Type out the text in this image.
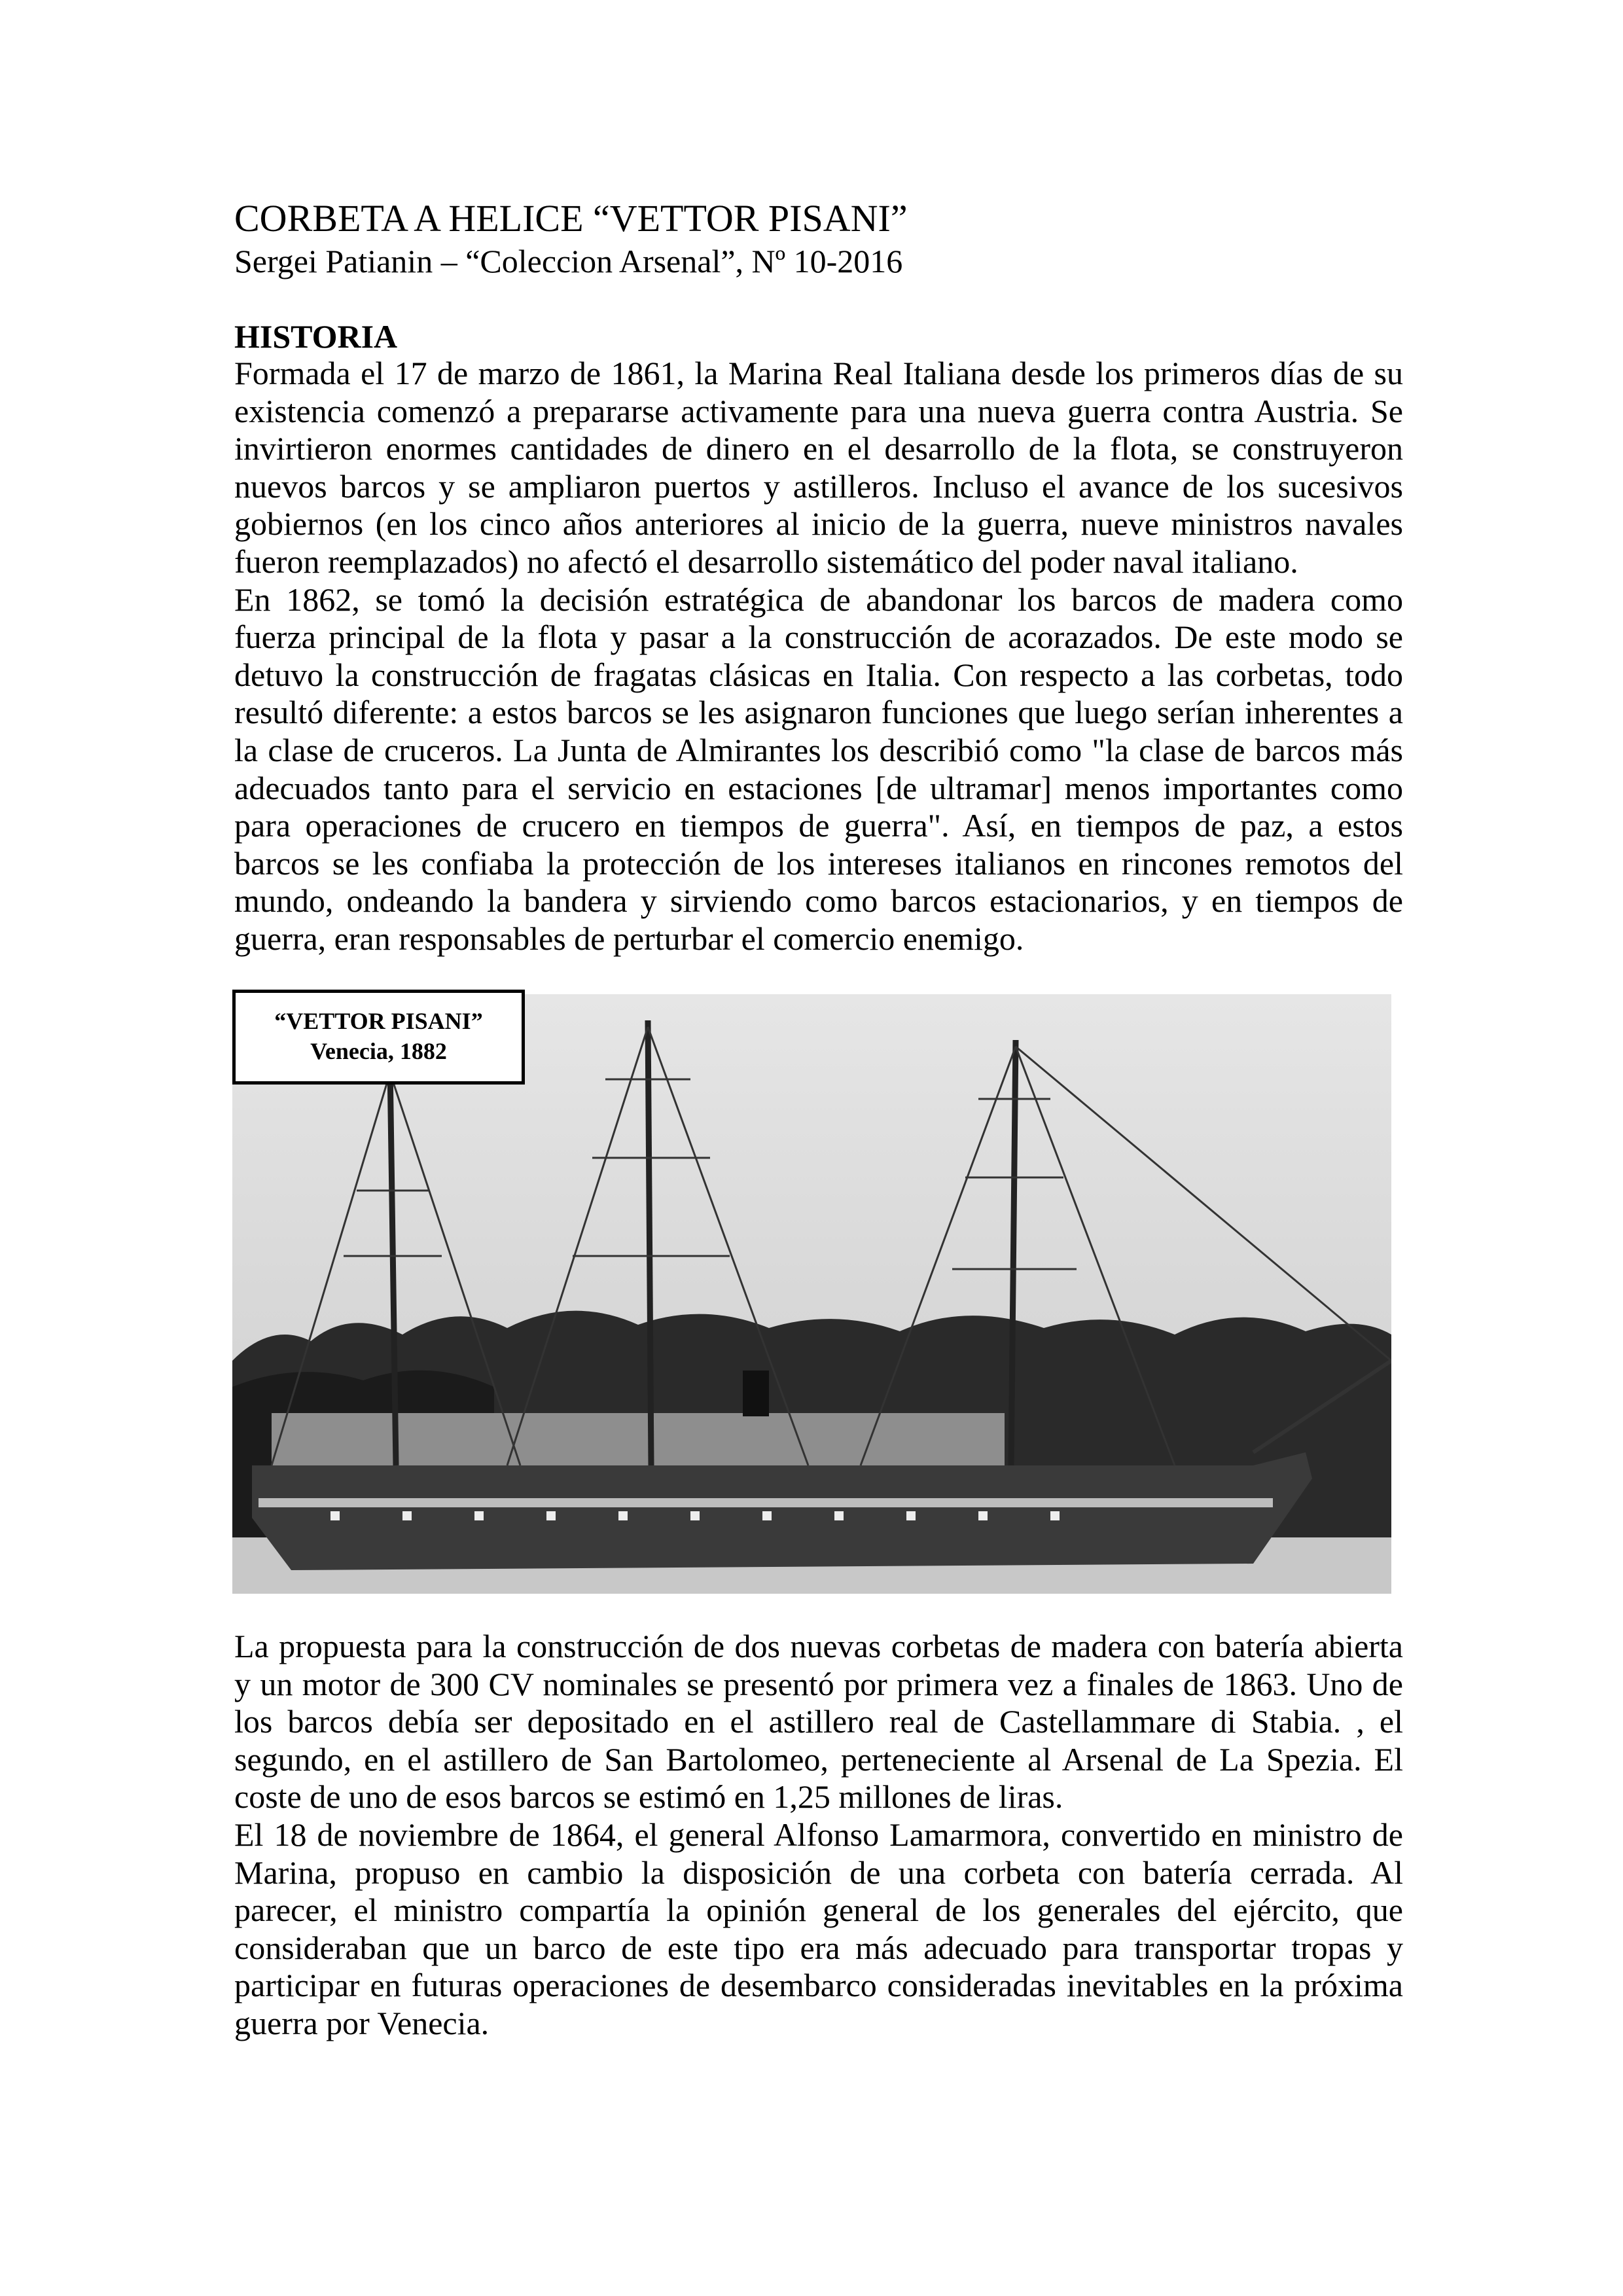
CORBETA A HELICE “VETTOR PISANI”
Sergei Patianin – “Coleccion Arsenal”, Nº 10-2016
HISTORIA
Formada el 17 de marzo de 1861, la Marina Real Italiana desde los primeros días de su
existencia comenzó a prepararse activamente para una nueva guerra contra Austria. Se
invirtieron enormes cantidades de dinero en el desarrollo de la flota, se construyeron
nuevos barcos y se ampliaron puertos y astilleros. Incluso el avance de los sucesivos
gobiernos (en los cinco años anteriores al inicio de la guerra, nueve ministros navales
fueron reemplazados) no afectó el desarrollo sistemático del poder naval italiano.
En 1862, se tomó la decisión estratégica de abandonar los barcos de madera como
fuerza principal de la flota y pasar a la construcción de acorazados. De este modo se
detuvo la construcción de fragatas clásicas en Italia. Con respecto a las corbetas, todo
resultó diferente: a estos barcos se les asignaron funciones que luego serían inherentes a
la clase de cruceros. La Junta de Almirantes los describió como "la clase de barcos más
adecuados tanto para el servicio en estaciones [de ultramar] menos importantes como
para operaciones de crucero en tiempos de guerra". Así, en tiempos de paz, a estos
barcos se les confiaba la protección de los intereses italianos en rincones remotos del
mundo, ondeando la bandera y sirviendo como barcos estacionarios, y en tiempos de
guerra, eran responsables de perturbar el comercio enemigo.
“VETTOR PISANI”
Venecia, 1882
La propuesta para la construcción de dos nuevas corbetas de madera con batería abierta
y un motor de 300 CV nominales se presentó por primera vez a finales de 1863. Uno de
los barcos debía ser depositado en el astillero real de Castellammare di Stabia. , el
segundo, en el astillero de San Bartolomeo, perteneciente al Arsenal de La Spezia. El
coste de uno de esos barcos se estimó en 1,25 millones de liras.
El 18 de noviembre de 1864, el general Alfonso Lamarmora, convertido en ministro de
Marina, propuso en cambio la disposición de una corbeta con batería cerrada. Al
parecer, el ministro compartía la opinión general de los generales del ejército, que
consideraban que un barco de este tipo era más adecuado para transportar tropas y
participar en futuras operaciones de desembarco consideradas inevitables en la próxima
guerra por Venecia.
